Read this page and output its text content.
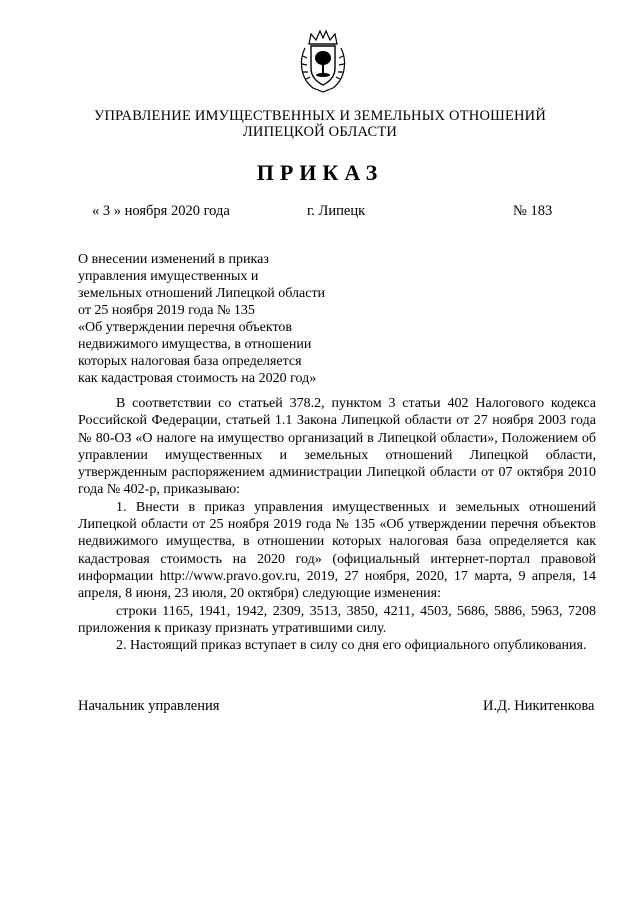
УПРАВЛЕНИЕ ИМУЩЕСТВЕННЫХ И ЗЕМЕЛЬНЫХ ОТНОШЕНИЙ
ЛИПЕЦКОЙ ОБЛАСТИ
ПРИКАЗ
« 3 » ноября 2020 года	г. Липецк	№ 183
О внесении изменений в приказ
управления имущественных и
земельных отношений Липецкой области
от 25 ноября 2019 года № 135
«Об утверждении перечня объектов
недвижимого имущества, в отношении
которых налоговая база определяется
как кадастровая стоимость на 2020 год»

В соответствии со статьей 378.2, пунктом 3 статьи 402 Налогового кодекса Российской Федерации, статьей 1.1 Закона Липецкой области от 27 ноября 2003 года № 80-ОЗ «О налоге на имущество организаций в Липецкой области», Положением об управлении имущественных и земельных отношений Липецкой области, утвержденным распоряжением администрации Липецкой области от 07 октября 2010 года № 402-р, приказываю:

1. Внести в приказ управления имущественных и земельных отношений Липецкой области от 25 ноября 2019 года № 135 «Об утверждении перечня объектов недвижимого имущества, в отношении которых налоговая база определяется как кадастровая стоимость на 2020 год» (официальный интернет-портал правовой информации http://www.pravo.gov.ru, 2019, 27 ноября, 2020, 17 марта, 9 апреля, 14 апреля, 8 июня, 23 июля, 20 октября) следующие изменения:

строки 1165, 1941, 1942, 2309, 3513, 3850, 4211, 4503, 5686, 5886, 5963, 7208 приложения к приказу признать утратившими силу.

2. Настоящий приказ вступает в силу со дня его официального опубликования.

Начальник управления	И.Д. Никитенкова
